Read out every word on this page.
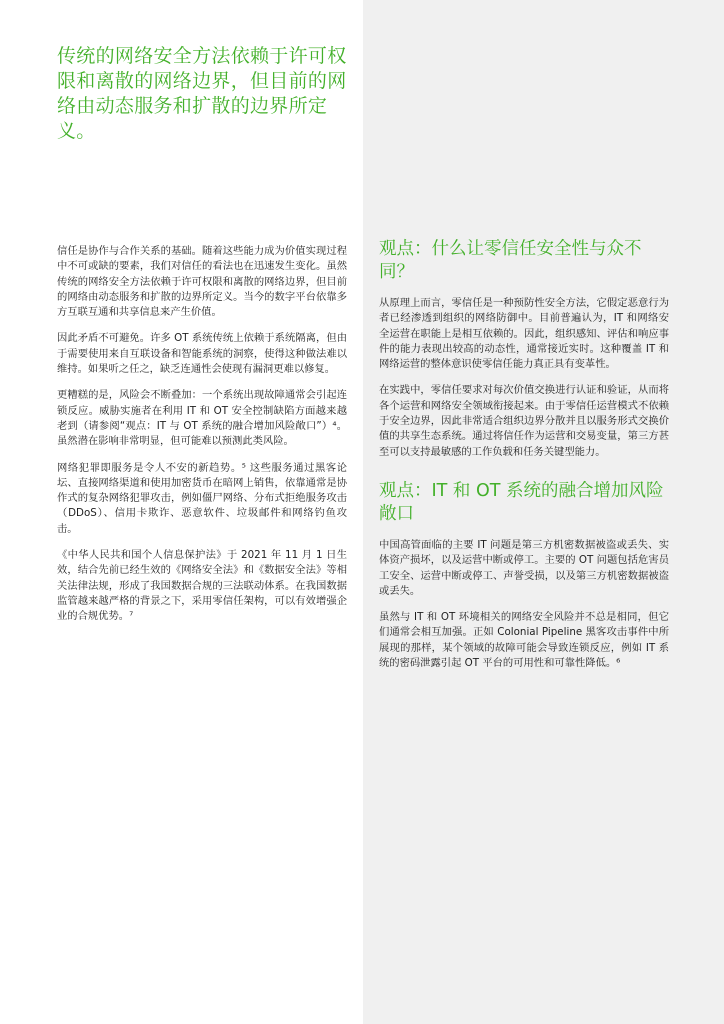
传统的网络安全方法依赖于许可权限和离散的网络边界，但目前的网络由动态服务和扩散的边界所定义。

信任是协作与合作关系的基础。随着这些能力成为价值实现过程中不可或缺的要素，我们对信任的看法也在迅速发生变化。虽然传统的网络安全方法依赖于许可权限和离散的网络边界，但目前的网络由动态服务和扩散的边界所定义。当今的数字平台依靠多方互联互通和共享信息来产生价值。

因此矛盾不可避免。许多 OT 系统传统上依赖于系统隔离，但由于需要使用来自互联设备和智能系统的洞察，使得这种做法难以维持。如果听之任之，缺乏连通性会使现有漏洞更难以修复。

更糟糕的是，风险会不断叠加：一个系统出现故障通常会引起连锁反应。威胁实施者在利用 IT 和 OT 安全控制缺陷方面越来越老到（请参阅“观点：IT 与 OT 系统的融合增加风险敞口”）⁴。虽然潜在影响非常明显，但可能难以预测此类风险。

网络犯罪即服务是令人不安的新趋势。⁵ 这些服务通过黑客论坛、直接网络渠道和使用加密货币在暗网上销售，依靠通常是协作式的复杂网络犯罪攻击，例如僵尸网络、分布式拒绝服务攻击（DDoS）、信用卡欺诈、恶意软件、垃圾邮件和网络钓鱼攻击。

《中华人民共和国个人信息保护法》于 2021 年 11 月 1 日生效，结合先前已经生效的《网络安全法》和《数据安全法》等相关法律法规，形成了我国数据合规的三法联动体系。在我国数据监管越来越严格的背景之下，采用零信任架构，可以有效增强企业的合规优势。⁷

观点：什么让零信任安全性与众不同？

从原理上而言，零信任是一种预防性安全方法，它假定恶意行为者已经渗透到组织的网络防御中。目前普遍认为，IT 和网络安全运营在职能上是相互依赖的。因此，组织感知、评估和响应事件的能力表现出较高的动态性，通常接近实时。这种覆盖 IT 和网络运营的整体意识使零信任能力真正具有变革性。

在实践中，零信任要求对每次价值交换进行认证和验证，从而将各个运营和网络安全领域衔接起来。由于零信任运营模式不依赖于安全边界，因此非常适合组织边界分散并且以服务形式交换价值的共享生态系统。通过将信任作为运营和交易变量，第三方甚至可以支持最敏感的工作负载和任务关键型能力。

观点：IT 和 OT 系统的融合增加风险敞口

中国高管面临的主要 IT 问题是第三方机密数据被盗或丢失、实体资产损坏，以及运营中断或停工。主要的 OT 问题包括危害员工安全、运营中断或停工、声誉受损，以及第三方机密数据被盗或丢失。

虽然与 IT 和 OT 环境相关的网络安全风险并不总是相同，但它们通常会相互加强。正如 Colonial Pipeline 黑客攻击事件中所展现的那样，某个领域的故障可能会导致连锁反应，例如 IT 系统的密码泄露引起 OT 平台的可用性和可靠性降低。⁶
